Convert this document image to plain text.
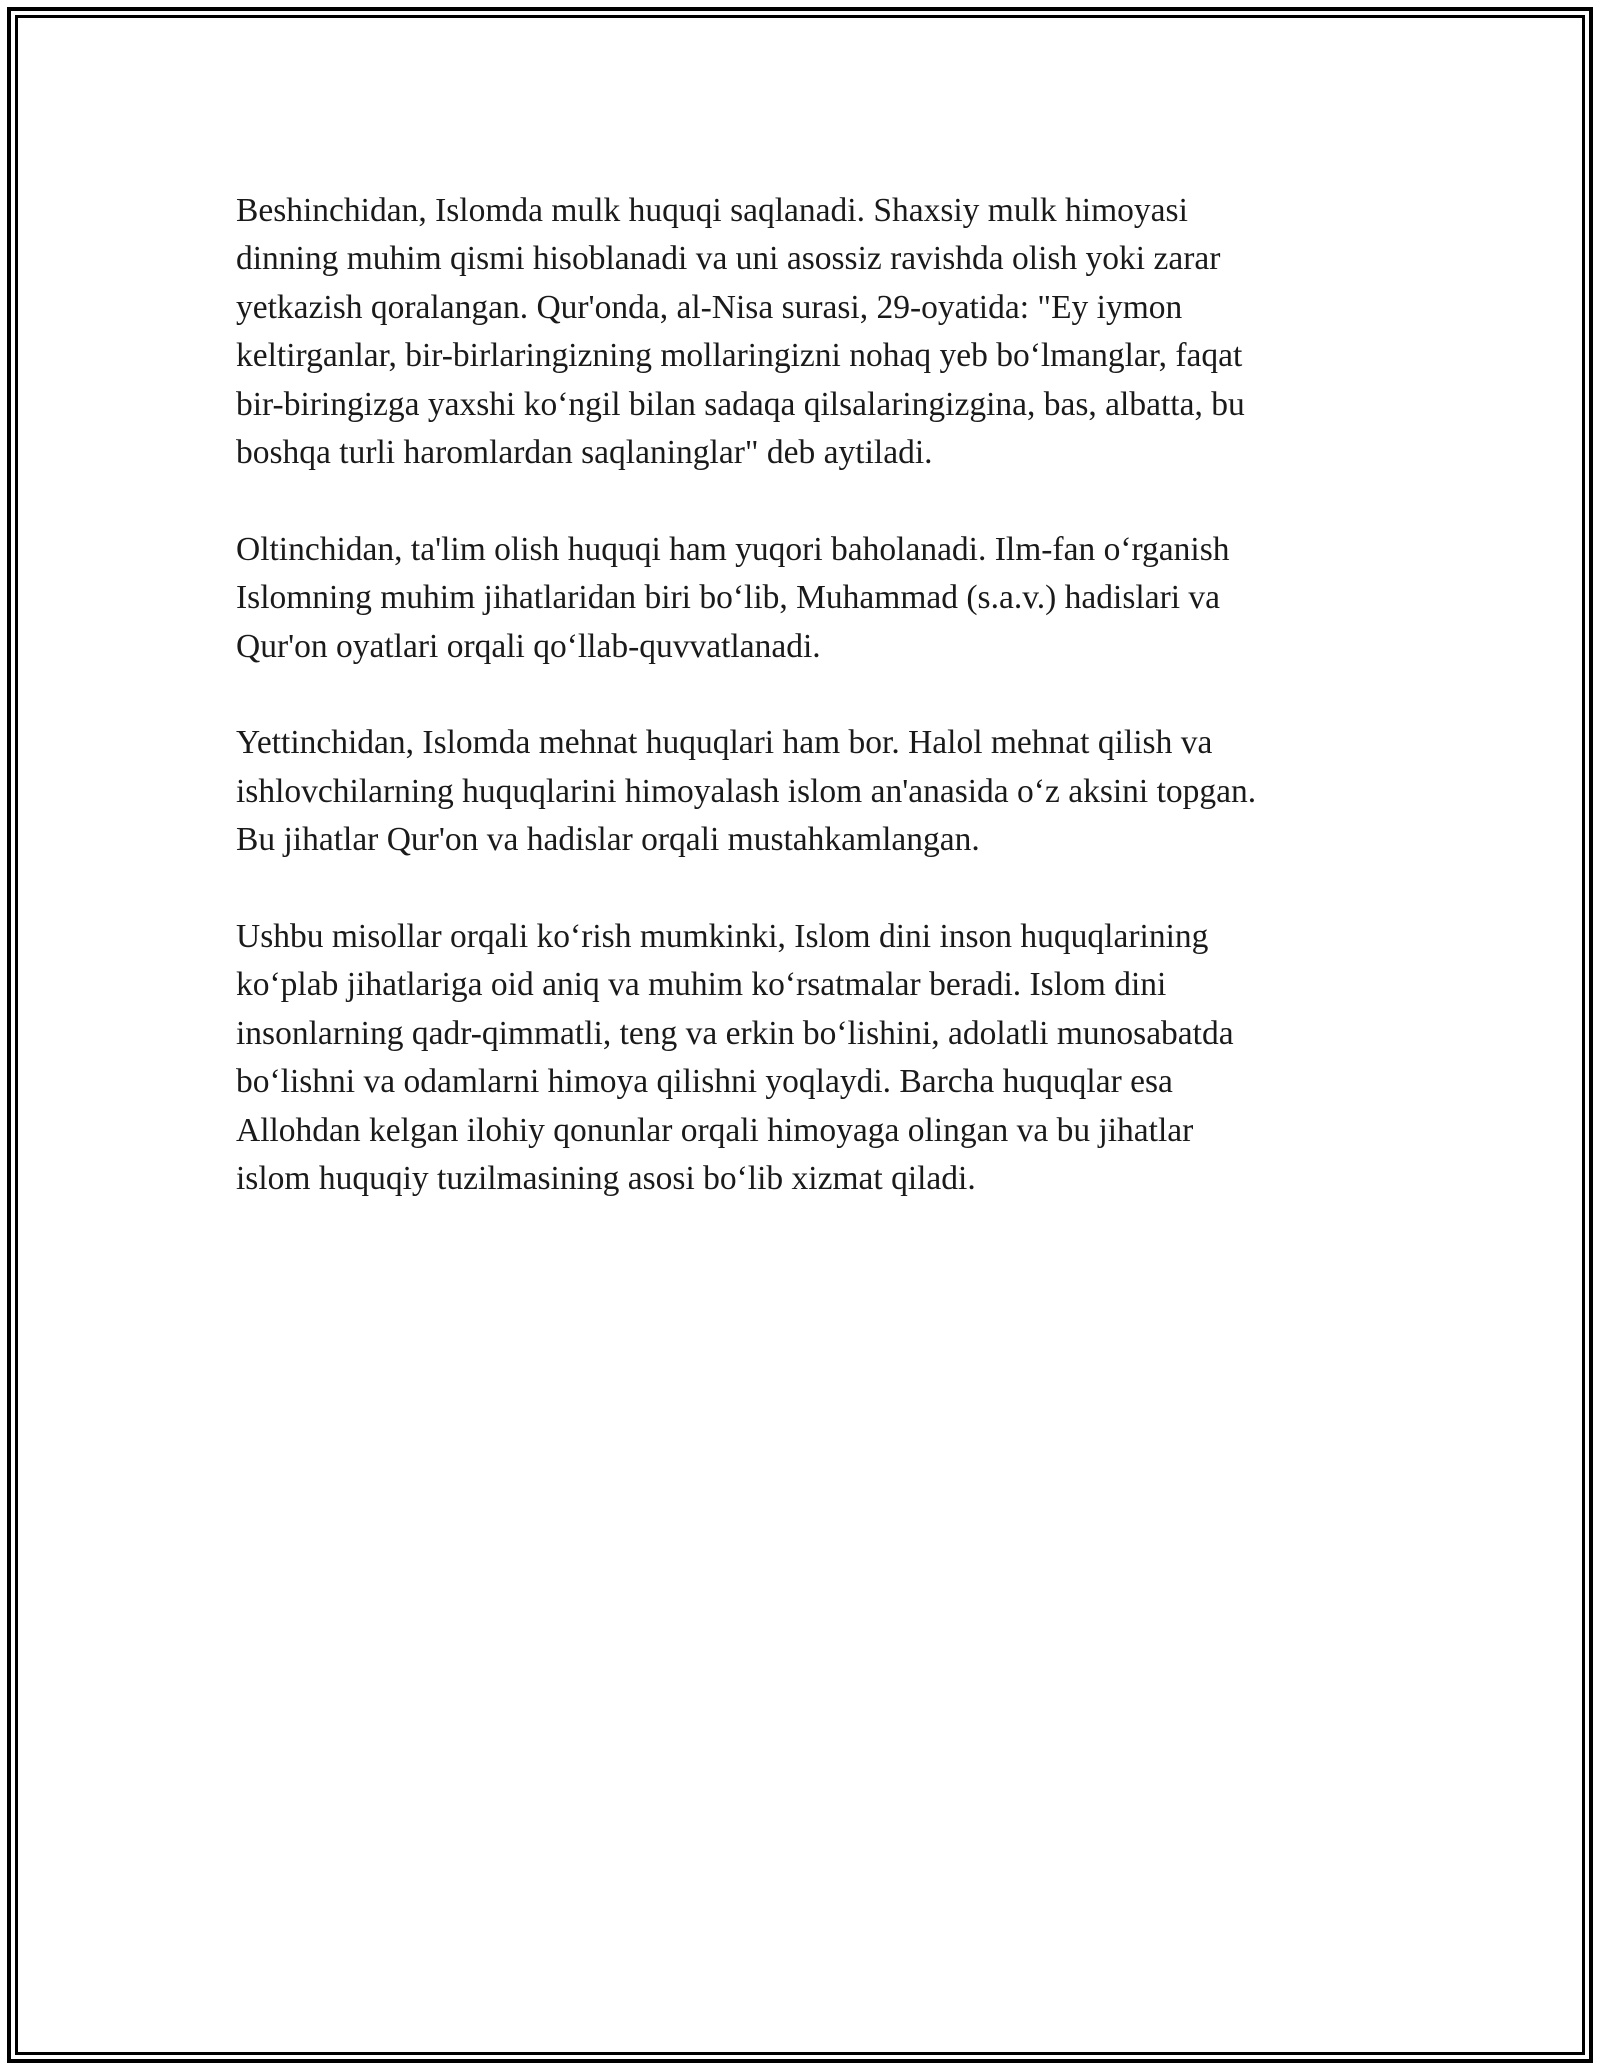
Beshinchidan, Islomda mulk huquqi saqlanadi. Shaxsiy mulk himoyasi
dinning muhim qismi hisoblanadi va uni asossiz ravishda olish yoki zarar
yetkazish qoralangan. Qur'onda, al-Nisa surasi, 29-oyatida: "Ey iymon
keltirganlar, bir-birlaringizning mollaringizni nohaq yeb bo‘lmanglar, faqat
bir-biringizga yaxshi ko‘ngil bilan sadaqa qilsalaringizgina, bas, albatta, bu
boshqa turli haromlardan saqlaninglar" deb aytiladi.

Oltinchidan, ta'lim olish huquqi ham yuqori baholanadi. Ilm-fan o‘rganish
Islomning muhim jihatlaridan biri bo‘lib, Muhammad (s.a.v.) hadislari va
Qur'on oyatlari orqali qo‘llab-quvvatlanadi.

Yettinchidan, Islomda mehnat huquqlari ham bor. Halol mehnat qilish va
ishlovchilarning huquqlarini himoyalash islom an'anasida o‘z aksini topgan.
Bu jihatlar Qur'on va hadislar orqali mustahkamlangan.

Ushbu misollar orqali ko‘rish mumkinki, Islom dini inson huquqlarining
ko‘plab jihatlariga oid aniq va muhim ko‘rsatmalar beradi. Islom dini
insonlarning qadr-qimmatli, teng va erkin bo‘lishini, adolatli munosabatda
bo‘lishni va odamlarni himoya qilishni yoqlaydi. Barcha huquqlar esa
Allohdan kelgan ilohiy qonunlar orqali himoyaga olingan va bu jihatlar
islom huquqiy tuzilmasining asosi bo‘lib xizmat qiladi.
